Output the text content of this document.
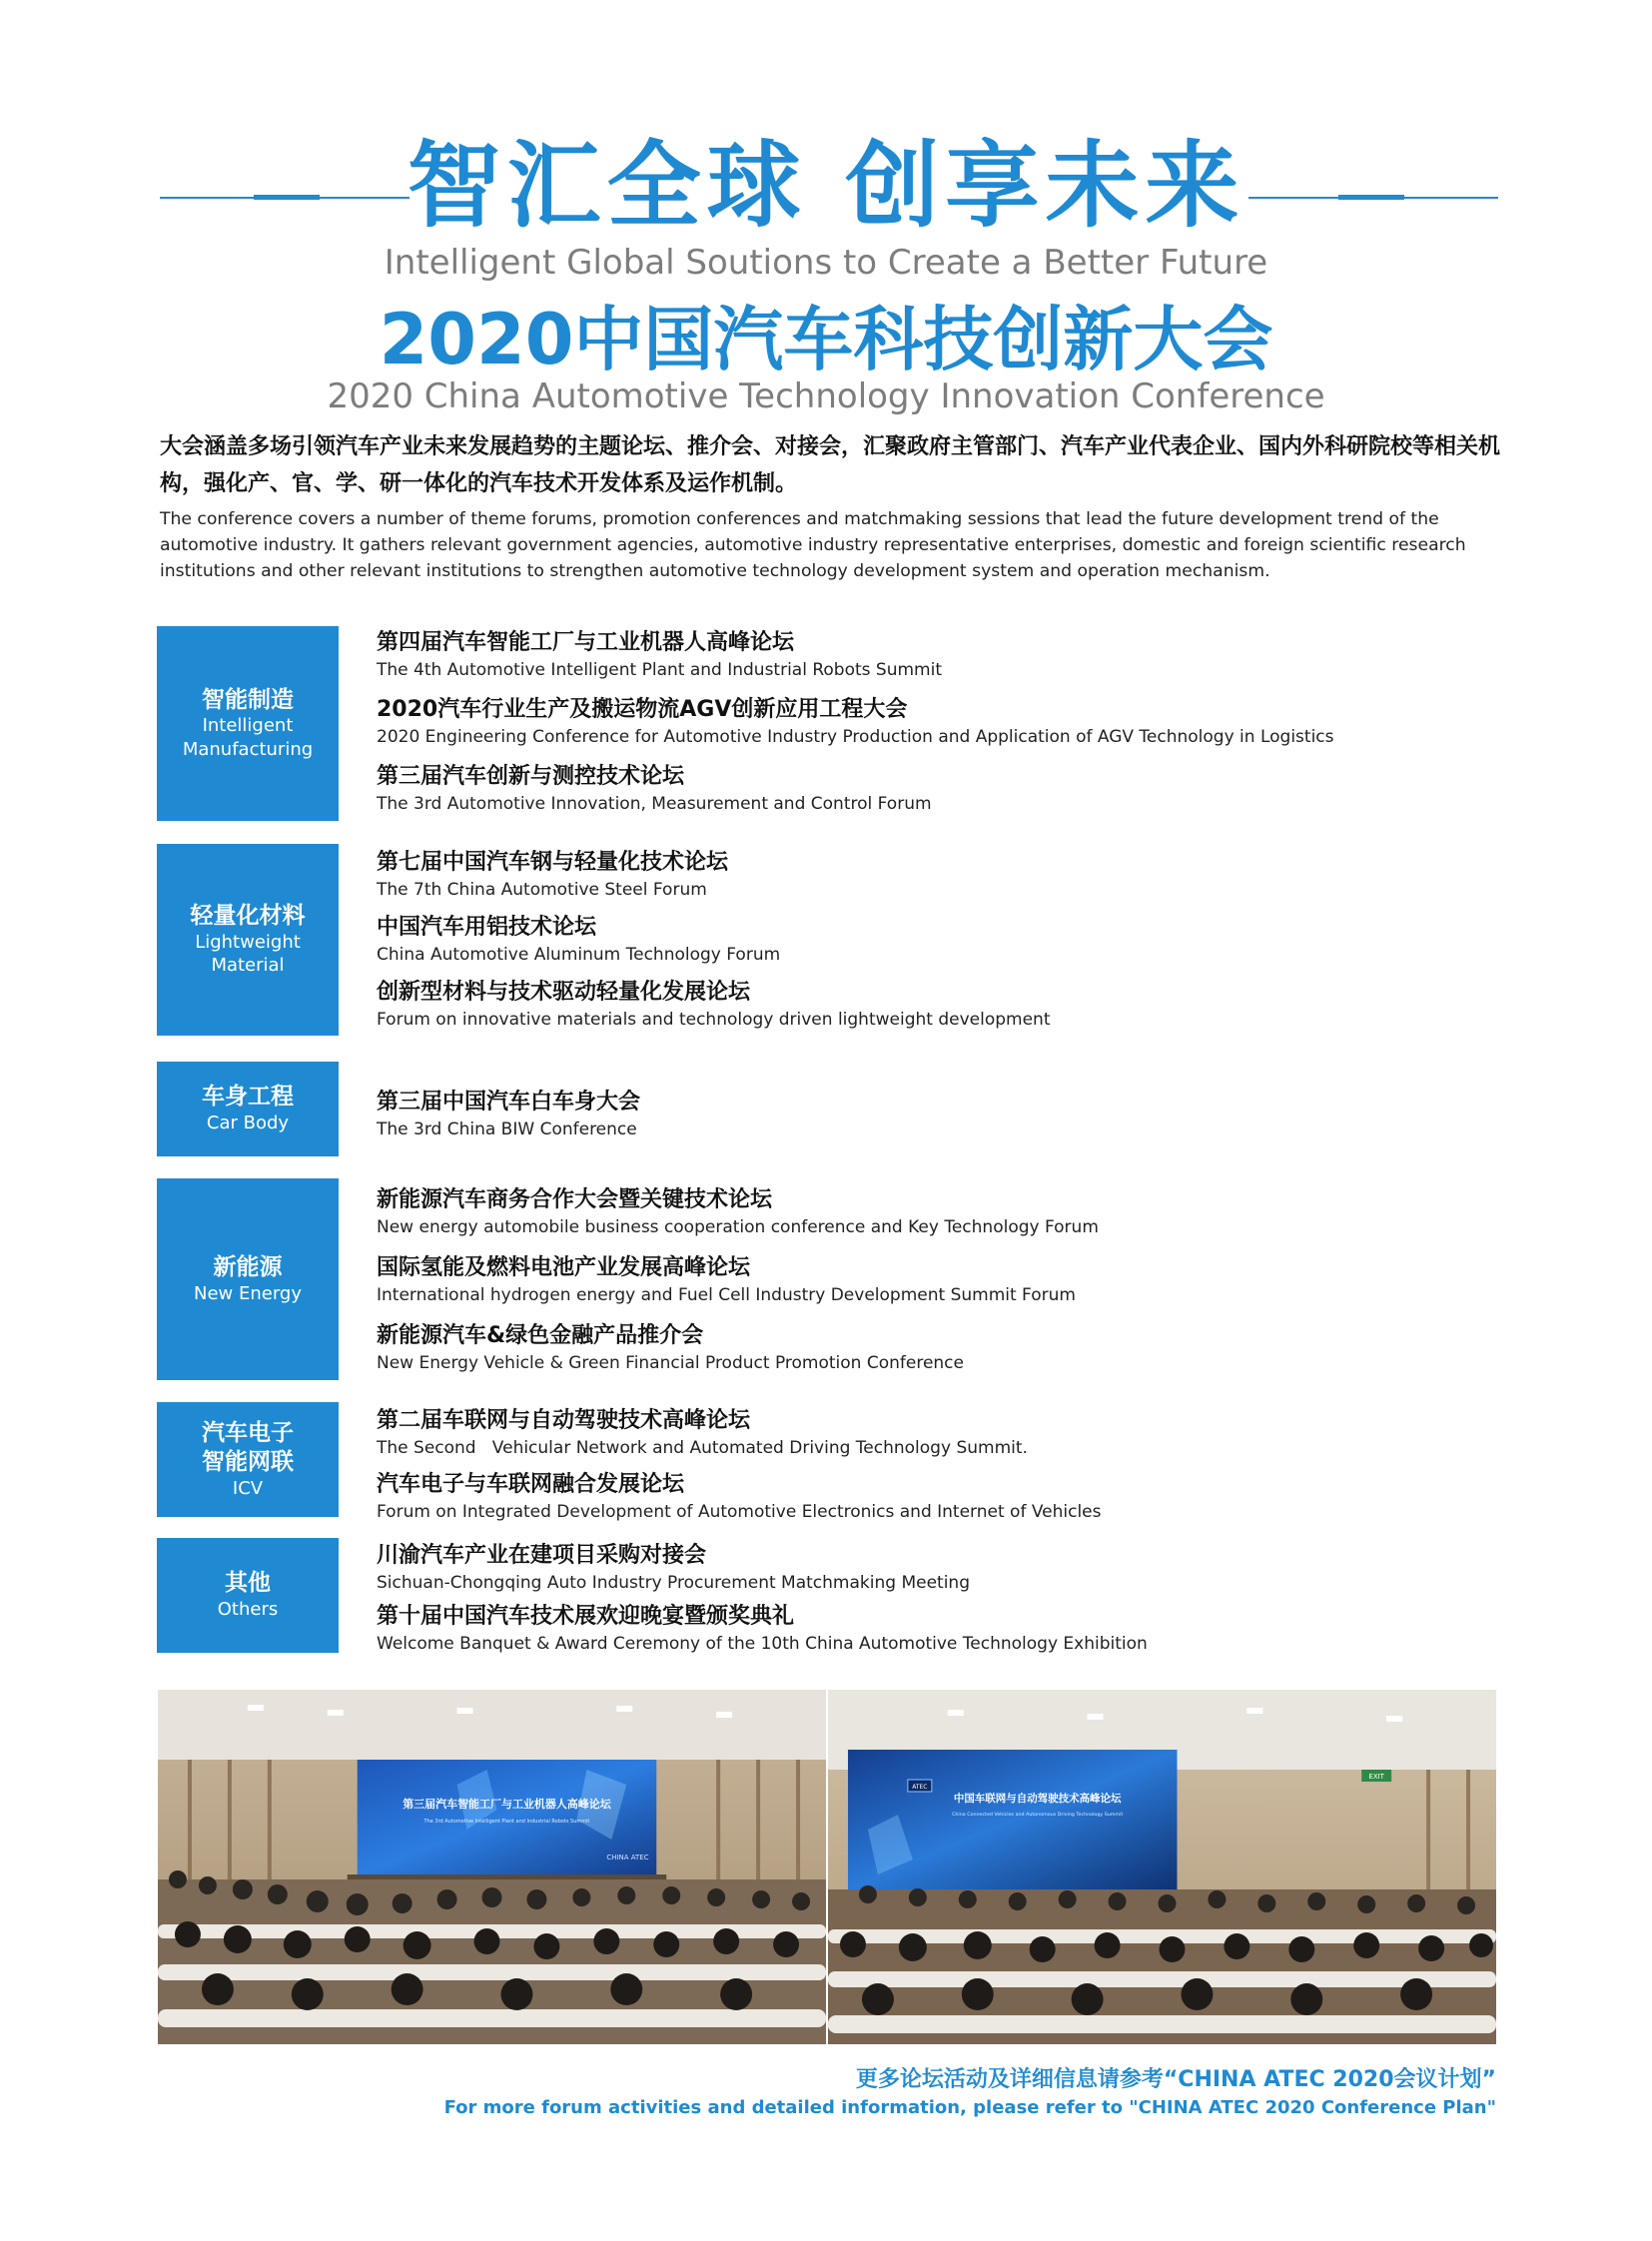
智汇全球 创享未来
Intelligent Global Soutions to Create a Better Future
2020中国汽车科技创新大会
2020 China Automotive Technology Innovation Conference
大会涵盖多场引领汽车产业未来发展趋势的主题论坛、推介会、对接会，汇聚政府主管部门、汽车产业代表企业、国内外科研院校等相关机构，强化产、官、学、研一体化的汽车技术开发体系及运作机制。
The conference covers a number of theme forums, promotion conferences and matchmaking sessions that lead the future development trend of the automotive industry. It gathers relevant government agencies, automotive industry representative enterprises, domestic and foreign scientific research institutions and other relevant institutions to strengthen automotive technology development system and operation mechanism.
智能制造
Intelligent
Manufacturing
第四届汽车智能工厂与工业机器人高峰论坛
The 4th Automotive Intelligent Plant and Industrial Robots Summit
2020汽车行业生产及搬运物流AGV创新应用工程大会
2020 Engineering Conference for Automotive Industry Production and Application of AGV Technology in Logistics
第三届汽车创新与测控技术论坛
The 3rd Automotive Innovation, Measurement and Control Forum
轻量化材料
Lightweight
Material
第七届中国汽车钢与轻量化技术论坛
The 7th China Automotive Steel Forum
中国汽车用铝技术论坛
China Automotive Aluminum Technology Forum
创新型材料与技术驱动轻量化发展论坛
Forum on innovative materials and technology driven lightweight development
车身工程
Car Body
第三届中国汽车白车身大会
The 3rd China BIW Conference
新能源
New Energy
新能源汽车商务合作大会暨关键技术论坛
New energy automobile business cooperation conference and Key Technology Forum
国际氢能及燃料电池产业发展高峰论坛
International hydrogen energy and Fuel Cell Industry Development Summit Forum
新能源汽车&绿色金融产品推介会
New Energy Vehicle & Green Financial Product Promotion Conference
汽车电子
智能网联
ICV
第二届车联网与自动驾驶技术高峰论坛
The Second   Vehicular Network and Automated Driving Technology Summit.
汽车电子与车联网融合发展论坛
Forum on Integrated Development of Automotive Electronics and Internet of Vehicles
其他
Others
川渝汽车产业在建项目采购对接会
Sichuan-Chongqing Auto Industry Procurement Matchmaking Meeting
第十届中国汽车技术展欢迎晚宴暨颁奖典礼
Welcome Banquet & Award Ceremony of the 10th China Automotive Technology Exhibition
第三届汽车智能工厂与工业机器人高峰论坛
The 3rd Automotive Intelligent Plant and Industrial Robots Summit
CHINA ATEC
EXIT
ATEC
中国车联网与自动驾驶技术高峰论坛
China Connected Vehicles and Autonomous Driving Technology Summit
更多论坛活动及详细信息请参考“CHINA ATEC 2020会议计划”
For more forum activities and detailed information, please refer to "CHINA ATEC 2020 Conference Plan"
